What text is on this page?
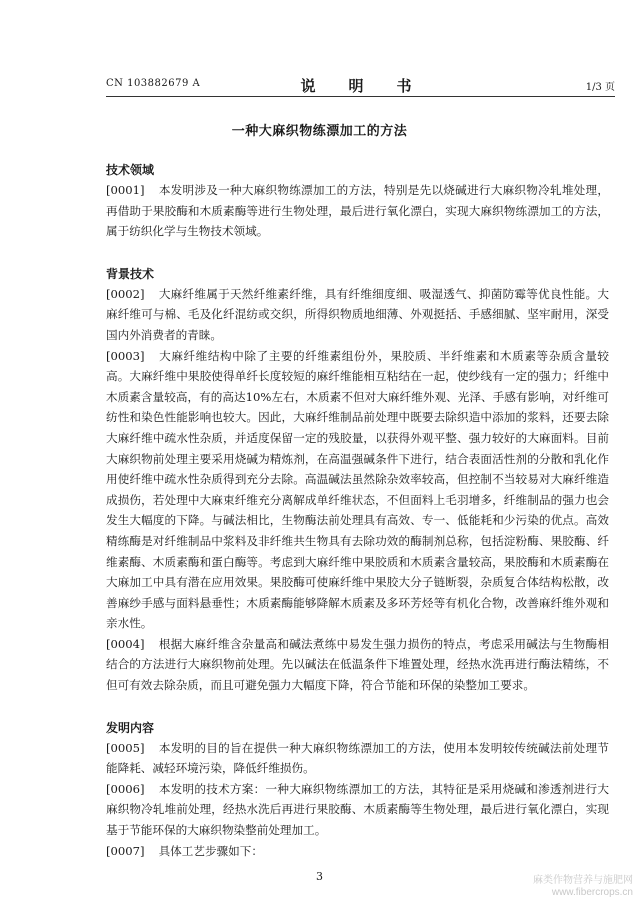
CN 103882679 A	说　明　书	1/3 页
一种大麻织物练漂加工的方法
技术领域

[0001] 本发明涉及一种大麻织物练漂加工的方法，特别是先以烧碱进行大麻织物冷轧堆处理，再借助于果胶酶和木质素酶等进行生物处理，最后进行氧化漂白，实现大麻织物练漂加工的方法，属于纺织化学与生物技术领域。

背景技术

[0002] 大麻纤维属于天然纤维素纤维，具有纤维细度细、吸湿透气、抑菌防霉等优良性能。大麻纤维可与棉、毛及化纤混纺或交织，所得织物质地细薄、外观挺括、手感细腻、坚牢耐用，深受国内外消费者的青睐。

[0003] 大麻纤维结构中除了主要的纤维素组份外，果胶质、半纤维素和木质素等杂质含量较高。大麻纤维中果胶使得单纤长度较短的麻纤维能相互粘结在一起，使纱线有一定的强力；纤维中木质素含量较高，有的高达10%左右，木质素不但对大麻纤维外观、光泽、手感有影响，对纤维可纺性和染色性能影响也较大。因此，大麻纤维制品前处理中既要去除织造中添加的浆料，还要去除大麻纤维中疏水性杂质，并适度保留一定的残胶量，以获得外观平整、强力较好的大麻面料。目前大麻织物前处理主要采用烧碱为精炼剂，在高温强碱条件下进行，结合表面活性剂的分散和乳化作用使纤维中疏水性杂质得到充分去除。高温碱法虽然除杂效率较高，但控制不当较易对大麻纤维造成损伤，若处理中大麻束纤维充分离解成单纤维状态，不但面料上毛羽增多，纤维制品的强力也会发生大幅度的下降。与碱法相比，生物酶法前处理具有高效、专一、低能耗和少污染的优点。高效精练酶是对纤维制品中浆料及非纤维共生物具有去除功效的酶制剂总称，包括淀粉酶、果胶酶、纤维素酶、木质素酶和蛋白酶等。考虑到大麻纤维中果胶质和木质素含量较高，果胶酶和木质素酶在大麻加工中具有潜在应用效果。果胶酶可使麻纤维中果胶大分子链断裂，杂质复合体结构松散，改善麻纱手感与面料悬垂性；木质素酶能够降解木质素及多环芳烃等有机化合物，改善麻纤维外观和亲水性。

[0004] 根据大麻纤维含杂量高和碱法煮练中易发生强力损伤的特点，考虑采用碱法与生物酶相结合的方法进行大麻织物前处理。先以碱法在低温条件下堆置处理，经热水洗再进行酶法精练，不但可有效去除杂质，而且可避免强力大幅度下降，符合节能和环保的染整加工要求。

发明内容

[0005] 本发明的目的旨在提供一种大麻织物练漂加工的方法，使用本发明较传统碱法前处理节能降耗、减轻环境污染，降低纤维损伤。

[0006] 本发明的技术方案：一种大麻织物练漂加工的方法，其特征是采用烧碱和渗透剂进行大麻织物冷轧堆前处理，经热水洗后再进行果胶酶、木质素酶等生物处理，最后进行氧化漂白，实现基于节能环保的大麻织物染整前处理加工。

[0007] 具体工艺步骤如下：

3	麻类作物营养与施肥网
www.fibercrops.cn
